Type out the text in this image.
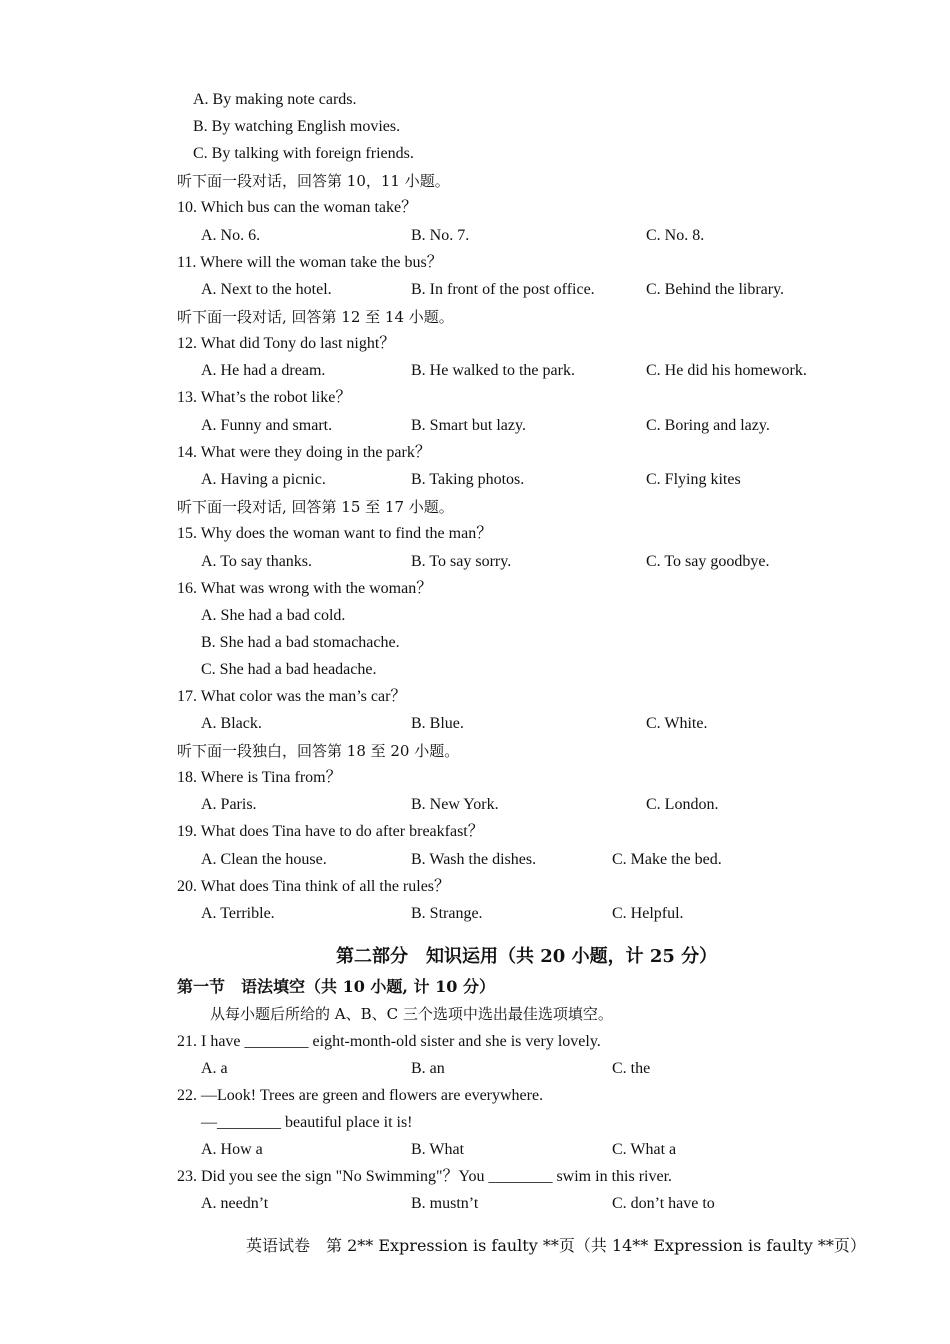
A. By making note cards.
B. By watching English movies.
C. By talking with foreign friends.
听下面一段对话，回答第 10，11 小题。
10. Which bus can the woman take？
A. No. 6.	B. No. 7.	C. No. 8.
11. Where will the woman take the bus？
A. Next to the hotel.	B. In front of the post office.	C. Behind the library.
听下面一段对话, 回答第 12 至 14 小题。
12. What did Tony do last night？
A. He had a dream.	B. He walked to the park.	C. He did his homework.
13. What’s the robot like？
A. Funny and smart.	B. Smart but lazy.	C. Boring and lazy.
14. What were they doing in the park？
A. Having a picnic.	B. Taking photos.	C. Flying kites
听下面一段对话, 回答第 15 至 17 小题。
15. Why does the woman want to find the man？
A. To say thanks.	B. To say sorry.	C. To say goodbye.
16. What was wrong with the woman？
A. She had a bad cold.
B. She had a bad stomachache.
C. She had a bad headache.
17. What color was the man’s car？
A. Black.	B. Blue.	C. White.
听下面一段独白，回答第 18 至 20 小题。
18. Where is Tina from？
A. Paris.	B. New York.	C. London.
19. What does Tina have to do after breakfast？
A. Clean the house.	B. Wash the dishes.	C. Make the bed.
20. What does Tina think of all the rules？
A. Terrible.	B. Strange.	C. Helpful.
第二部分　知识运用（共 20 小题，计 25 分）
第一节　语法填空（共 10 小题, 计 10 分）
从每小题后所给的 A、B、C 三个选项中选出最佳选项填空。
21. I have ________ eight-month-old sister and she is very lovely.
A. a	B. an	C. the
22. —Look! Trees are green and flowers are everywhere.
—________ beautiful place it is!
A. How a	B. What	C. What a
23. Did you see the sign "No Swimming"？You ________ swim in this river.
A. needn’t	B. mustn’t	C. don’t have to
英语试卷　第 2** Expression is faulty **页（共 14** Expression is faulty **页）
